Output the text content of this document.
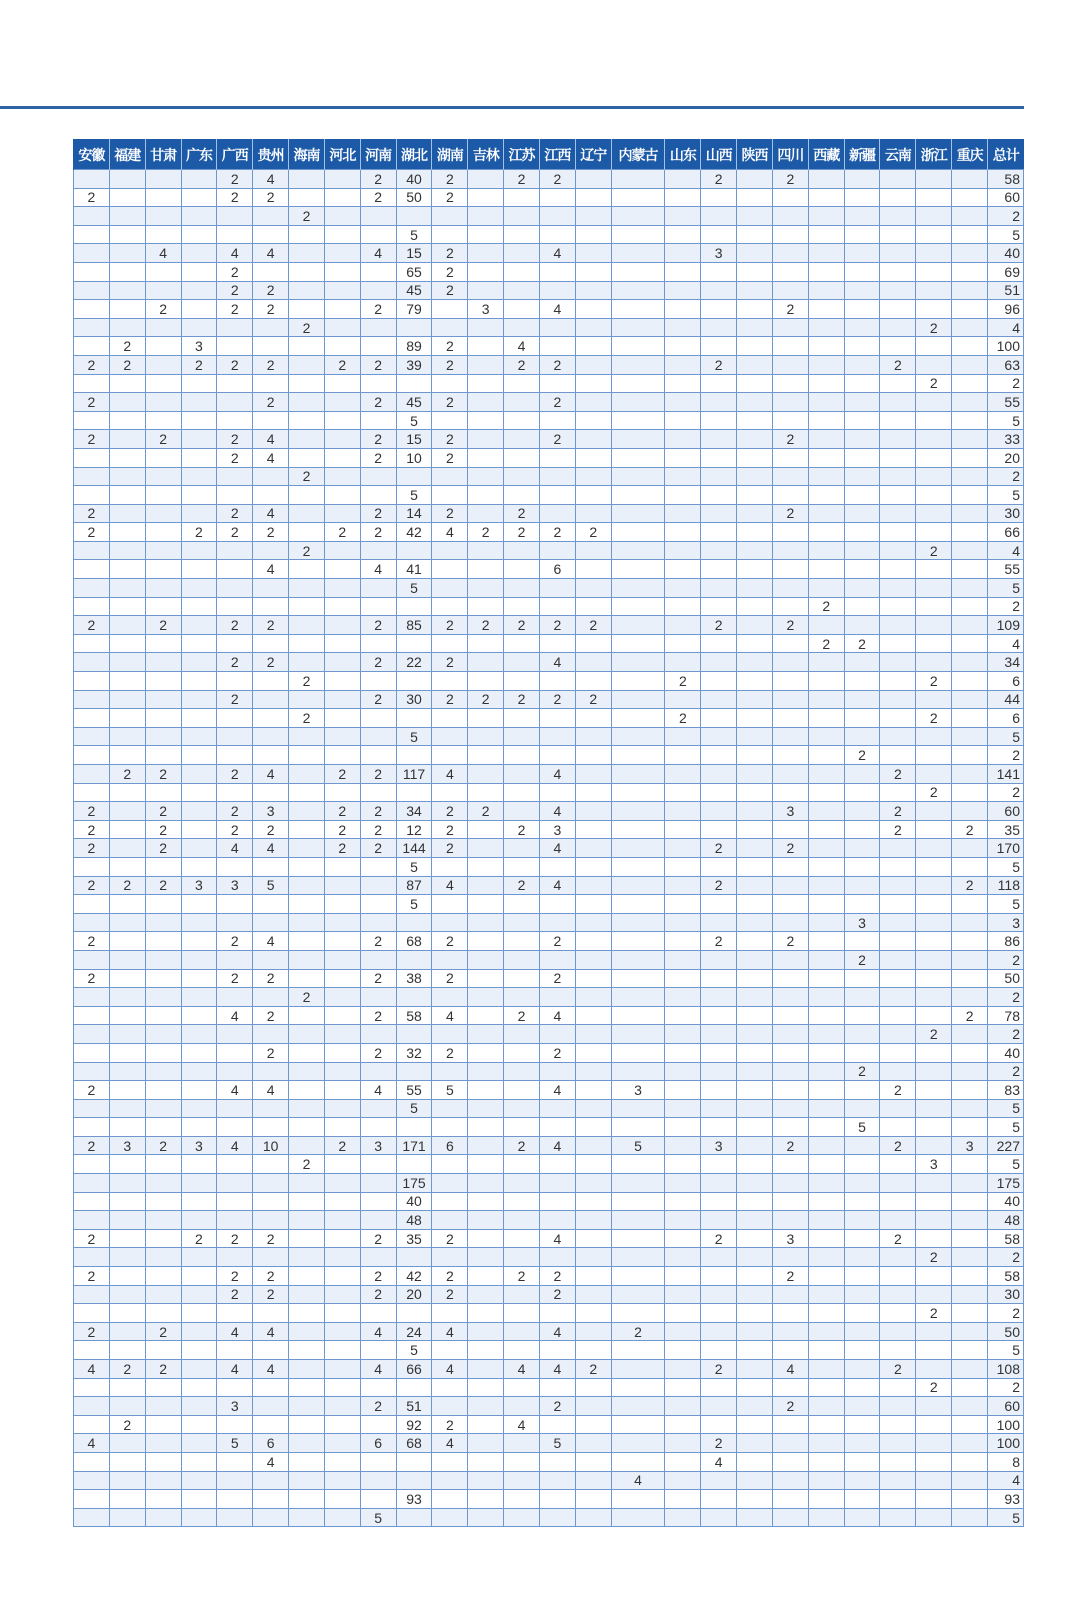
安徽	福建	甘肃	广东	广西	贵州	海南	河北	河南	湖北	湖南	吉林	江苏	江西	辽宁	内蒙古	山东	山西	陕西	四川	西藏	新疆	云南	浙江	重庆	总计
				2	4			2	40	2		2	2				2		2						58
2				2	2			2	50	2															60
						2																			2
									5																5
		4		4	4			4	15	2			4				3								40
				2					65	2															69
				2	2				45	2															51
		2		2	2			2	79		3		4						2						96
						2																	2		4
	2		3						89	2		4													100
2	2		2	2	2		2	2	39	2		2	2				2					2			63
																							2		2
2					2			2	45	2			2												55
									5																5
2		2		2	4			2	15	2			2						2						33
				2	4			2	10	2															20
						2																			2
									5																5
2				2	4			2	14	2		2							2						30
2			2	2	2		2	2	42	4	2	2	2	2											66
						2																	2		4
					4			4	41				6												55
									5																5
																				2					2
2		2		2	2			2	85	2	2	2	2	2			2		2						109
																				2	2				4
				2	2			2	22	2			4												34
						2										2							2		6
				2				2	30	2	2	2	2	2											44
						2										2							2		6
									5																5
																					2				2
	2	2		2	4		2	2	117	4			4									2			141
																							2		2
2		2		2	3		2	2	34	2	2		4						3			2			60
2		2		2	2		2	2	12	2		2	3									2		2	35
2		2		4	4		2	2	144	2			4				2		2						170
									5																5
2	2	2	3	3	5				87	4		2	4				2							2	118
									5																5
																					3				3
2				2	4			2	68	2			2				2		2						86
																					2				2
2				2	2			2	38	2			2												50
						2																			2
				4	2			2	58	4		2	4											2	78
																							2		2
					2			2	32	2			2												40
																					2				2
2				4	4			4	55	5			4		3							2			83
									5																5
																					5				5
2	3	2	3	4	10		2	3	171	6		2	4		5		3		2			2		3	227
						2																	3		5
									175																175
									40																40
									48																48
2			2	2	2			2	35	2			4				2		3			2			58
																							2		2
2				2	2			2	42	2		2	2						2						58
				2	2			2	20	2			2												30
																							2		2
2		2		4	4			4	24	4			4		2										50
									5																5
4	2	2		4	4			4	66	4		4	4	2			2		4			2			108
																							2		2
				3				2	51				2						2						60
	2								92	2		4													100
4				5	6			6	68	4			5				2								100
					4												4								8
															4										4
									93																93
								5																	5
